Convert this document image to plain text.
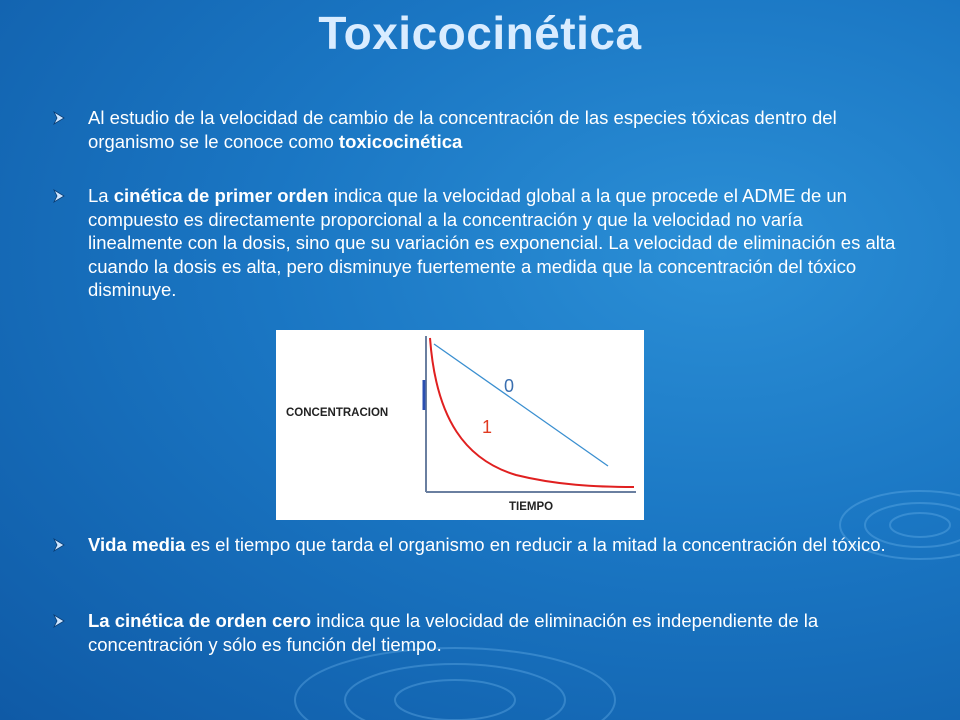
Toxicocinética
Al estudio de la velocidad de cambio de la concentración de las especies tóxicas dentro del organismo se le conoce como toxicocinética
La cinética de primer orden indica que la velocidad global a la que procede el ADME de un compuesto es directamente proporcional a la concentración y que la velocidad no varía linealmente con la dosis, sino que su variación es exponencial. La velocidad de eliminación es alta cuando la dosis es alta, pero disminuye fuertemente a medida que la concentración del tóxico disminuye.
CONCENTRACION
TIEMPO
0
1
Vida media es el tiempo que tarda el organismo en reducir a la mitad la concentración del tóxico.
La cinética de orden cero indica que la velocidad de eliminación es independiente de la concentración y sólo es función del tiempo.
